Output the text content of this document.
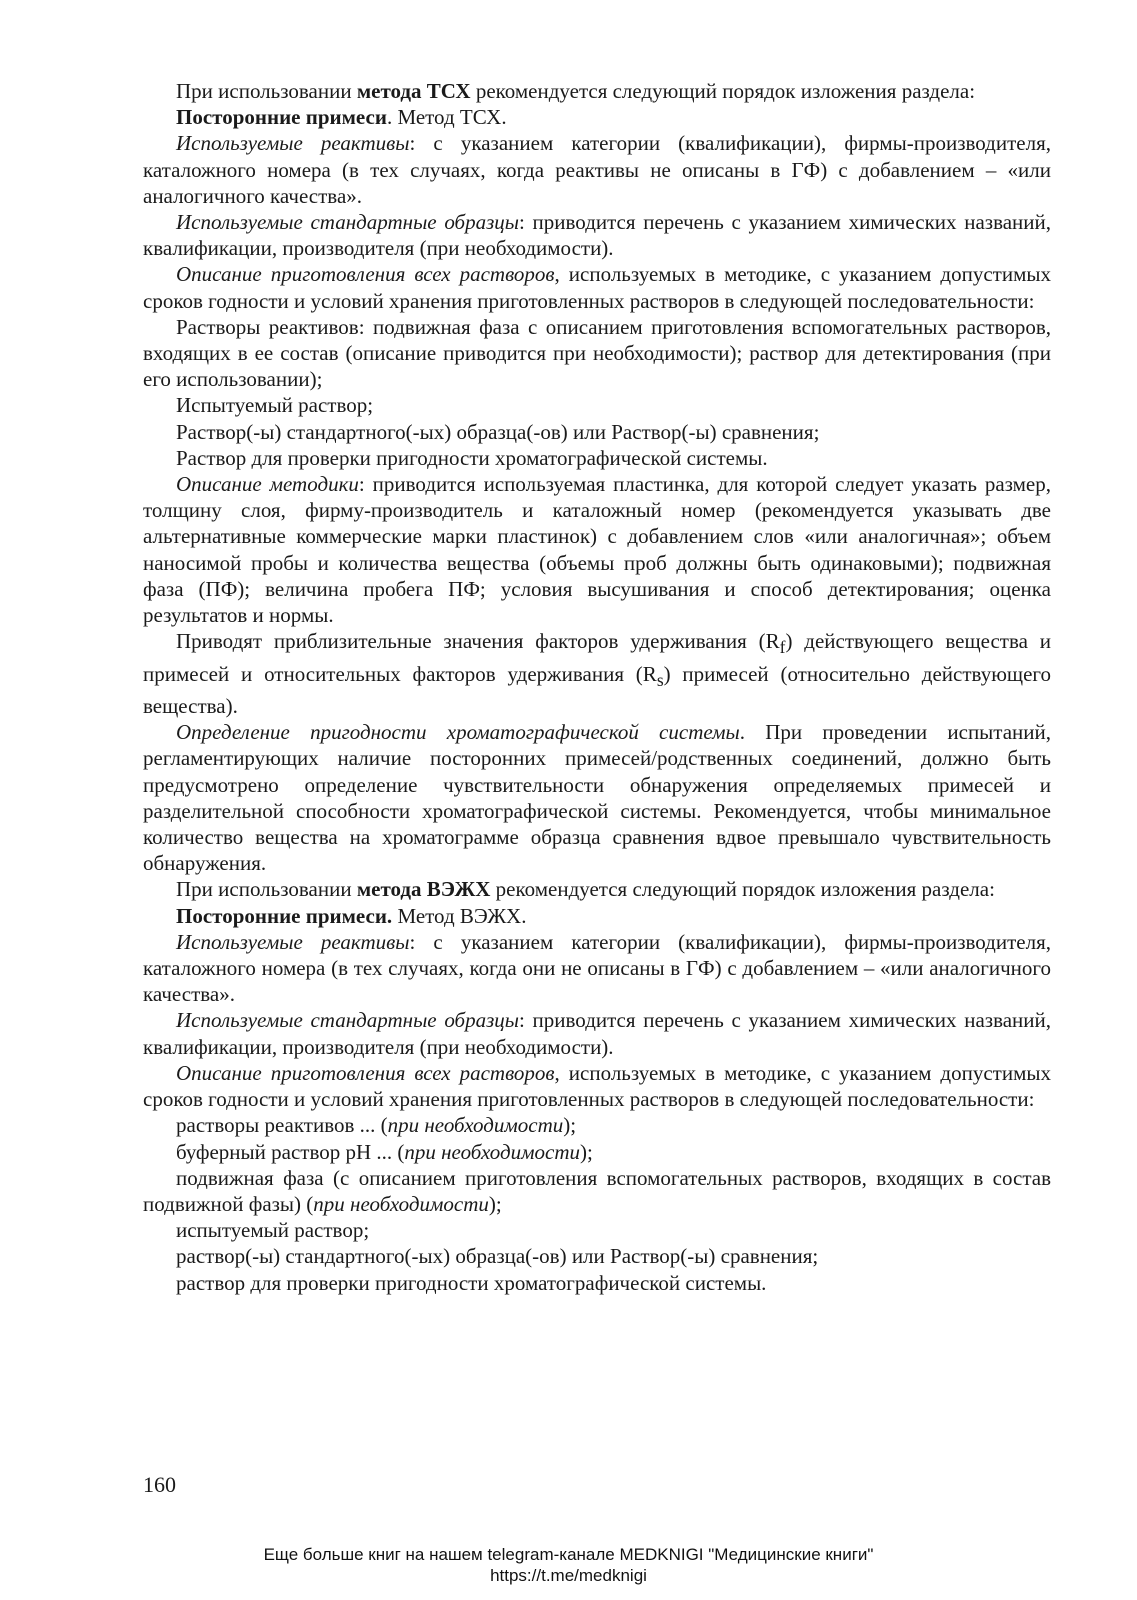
При использовании метода ТСХ рекомендуется следующий порядок изложения раздела:

Посторонние примеси. Метод ТСХ.

Используемые реактивы: с указанием категории (квалификации), фирмы-производителя, каталожного номера (в тех случаях, когда реактивы не описаны в ГФ) с добавлением – «или аналогичного качества».

Используемые стандартные образцы: приводится перечень с указанием химических названий, квалификации, производителя (при необходимости).

Описание приготовления всех растворов, используемых в методике, с указанием допустимых сроков годности и условий хранения приготовленных растворов в следующей последовательности:

Растворы реактивов: подвижная фаза с описанием приготовления вспомогательных растворов, входящих в ее состав (описание приводится при необходимости); раствор для детектирования (при его использовании);

Испытуемый раствор;

Раствор(-ы) стандартного(-ых) образца(-ов) или Раствор(-ы) сравнения;

Раствор для проверки пригодности хроматографической системы.

Описание методики: приводится используемая пластинка, для которой следует указать размер, толщину слоя, фирму-производитель и каталожный номер (рекомендуется указывать две альтернативные коммерческие марки пластинок) с добавлением слов «или аналогичная»; объем наносимой пробы и количества вещества (объемы проб должны быть одинаковыми); подвижная фаза (ПФ); величина пробега ПФ; условия высушивания и способ детектирования; оценка результатов и нормы.

Приводят приблизительные значения факторов удерживания $(R_f)$ действующего вещества и примесей и относительных факторов удерживания $(R_s)$ примесей (относительно действующего вещества).

Определение пригодности хроматографической системы. При проведении испытаний, регламентирующих наличие посторонних примесей/родственных соединений, должно быть предусмотрено определение чувствительности обнаружения определяемых примесей и разделительной способности хроматографической системы. Рекомендуется, чтобы минимальное количество вещества на хроматограмме образца сравнения вдвое превышало чувствительность обнаружения.

При использовании метода ВЭЖХ рекомендуется следующий порядок изложения раздела:

Посторонние примеси. Метод ВЭЖХ.

Используемые реактивы: с указанием категории (квалификации), фирмы-производителя, каталожного номера (в тех случаях, когда они не описаны в ГФ) с добавлением – «или аналогичного качества».

Используемые стандартные образцы: приводится перечень с указанием химических названий, квалификации, производителя (при необходимости).

Описание приготовления всех растворов, используемых в методике, с указанием допустимых сроков годности и условий хранения приготовленных растворов в следующей последовательности:

растворы реактивов ... (при необходимости);

буферный раствор pH ... (при необходимости);

подвижная фаза (с описанием приготовления вспомогательных растворов, входящих в состав подвижной фазы) (при необходимости);

испытуемый раствор;

раствор(-ы) стандартного(-ых) образца(-ов) или Раствор(-ы) сравнения;

раствор для проверки пригодности хроматографической системы.

160
Еще больше книг на нашем telegram-канале MEDKNIGI "Медицинские книги"
https://t.me/medknigi
